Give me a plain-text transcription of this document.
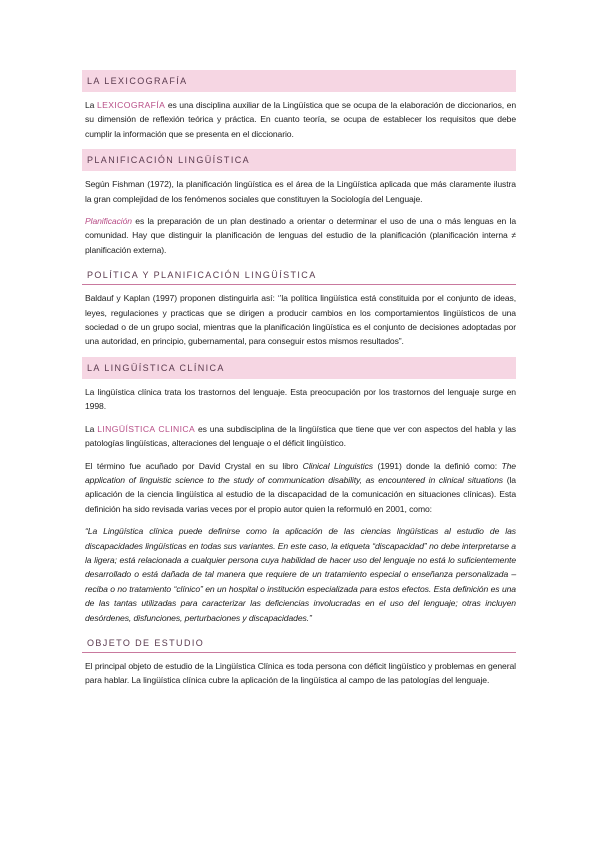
LA LEXICOGRAFÍA

La LEXICOGRAFÍA es una disciplina auxiliar de la Lingüística que se ocupa de la elaboración de diccionarios, en su dimensión de reflexión teórica y práctica. En cuanto teoría, se ocupa de establecer los requisitos que debe cumplir la información que se presenta en el diccionario.

PLANIFICACIÓN LINGÜÍSTICA

Según Fishman (1972), la planificación lingüística es el área de la Lingüística aplicada que más claramente ilustra la gran complejidad de los fenómenos sociales que constituyen la Sociología del Lenguaje.

Planificación es la preparación de un plan destinado a orientar o determinar el uso de una o más lenguas en la comunidad. Hay que distinguir la planificación de lenguas del estudio de la planificación (planificación interna ≠ planificación externa).

POLÍTICA Y PLANIFICACIÓN LINGÜÍSTICA

Baldauf y Kaplan (1997) proponen distinguirla así: ‘’la política lingüística está constituida por el conjunto de ideas, leyes, regulaciones y practicas que se dirigen a producir cambios en los comportamientos lingüísticos de una sociedad o de un grupo social, mientras que la planificación lingüística es el conjunto de decisiones adoptadas por una autoridad, en principio, gubernamental, para conseguir estos mismos resultados”.

LA LINGÜÍSTICA CLÍNICA

La lingüística clínica trata los trastornos del lenguaje. Esta preocupación por los trastornos del lenguaje surge en 1998.

La LINGÜÍSTICA CLINICA es una subdisciplina de la lingüística que tiene que ver con aspectos del habla y las patologías lingüísticas, alteraciones del lenguaje o el déficit lingüístico.

El término fue acuñado por David Crystal en su libro Clinical Linguistics (1991) donde la definió como: The application of linguistic science to the study of communication disability, as encountered in clinical situations (la aplicación de la ciencia lingüística al estudio de la discapacidad de la comunicación en situaciones clínicas). Esta definición ha sido revisada varias veces por el propio autor quien la reformuló en 2001, como:

“La Lingüística clínica puede definirse como la aplicación de las ciencias lingüísticas al estudio de las discapacidades lingüísticas en todas sus variantes. En este caso, la etiqueta “discapacidad” no debe interpretarse a la ligera; está relacionada a cualquier persona cuya habilidad de hacer uso del lenguaje no está lo suficientemente desarrollado o está dañada de tal manera que requiere de un tratamiento especial o enseñanza personalizada –reciba o no tratamiento “clínico” en un hospital o institución especializada para estos efectos. Esta definición es una de las tantas utilizadas para caracterizar las deficiencias involucradas en el uso del lenguaje; otras incluyen desórdenes, disfunciones, perturbaciones y discapacidades.”

OBJETO DE ESTUDIO

El principal objeto de estudio de la Lingüística Clínica es toda persona con déficit lingüístico y problemas en general para hablar. La lingüística clínica cubre la aplicación de la lingüística al campo de las patologías del lenguaje.
